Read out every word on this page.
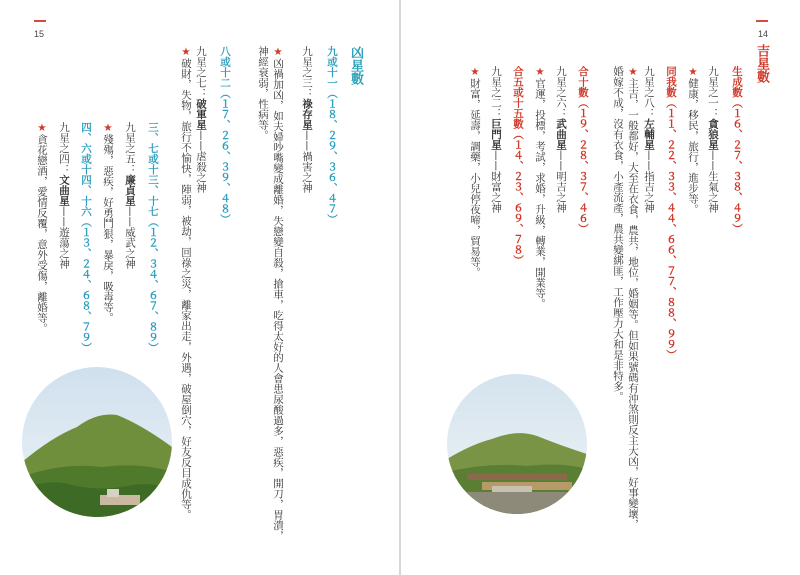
15
凶星數
九或十一（１８、２９、３６、４７）
九星之三：祿存星——禍害之神
★凶禍加凶，如夫婦吵嘴變成離婚，失戀變自殺，搶車，吃得太好的人會患尿酸過多，惡疾，開刀，胃潰，神經衰弱，性病等。
八或十二（１７、２６、３９、４８）
九星之七：破軍星——虐殺之神
★破財，失物，旅行不愉快，陣弱，被劫，回祿之災，離家出走，外遇，破屋倒穴，好友反目成仇等。
三、七或十三、十七（１２、３４、６７、８９）
九星之五：廉貞星——威武之神
★殘殤，惡疾，好勇鬥狠，暴戾，吸毒等。
四、六或十四、十六（１３、２４、６８、７９）
九星之四：文曲星——遊蕩之神
★貪花戀酒，愛情反覆，意外受傷，離婚等。
14
吉星數
生成數（１６、２７、３８、４９）
九星之一：貪狼星——生氣之神
★健康，移民，旅行，進步等。
同我數（１１、２２、３３、４４、６６、７７、８８、９９）
九星之八：左輔星——指吉之神
★主吉，一般都好，大至在衣食，農共，地位，婚姻等。但如果號碼有沖煞則反主大凶，好事變壞，婚嫁不成，沒有衣食，小產流產，農共變綁匪，工作壓力大和是非特多。
合十數（１９、２８、３７、４６）
九星之六：武曲星——明吉之神
★官運，投標，考試，求婚，升級，轉業，開業等。
合五或十五數（１４、２３、６９、７８）
九星之二：巨門星——財富之神
★財富，延壽，調藥，小兒停夜啼，貿易等。
